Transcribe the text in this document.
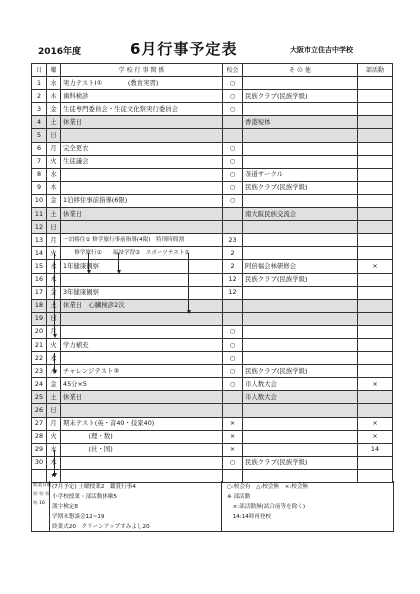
2016年度	6月行事予定表	大阪市立住吉中学校
日	曜	学 校 行 事 関 係	校会	そ の 他	部活動
1	水	実力テストⅠ①　　　　(教育実習)	○		
2	木	歯科検診	○	民族クラブ(民族学級)	
3	金	生徒専門委員会・生徒文化祭実行委員会	○		
4	土	休業日		香港短体	
5	日				
6	月	完全更衣	○		
7	火	生徒議会	○		
8	水		○	茶道サークル	
9	木		○	民族クラブ(民族学級)	
10	金	1泊移住事前指導(6限)	○		
11	土	休業日		南大阪民族交流会	
12	日				
13	月	一泊移住① 修学旅行事前指導(4限)　特別時間割	23		
14	火	　　修学旅行①　　福祉学習②　スポーツテスト②	2		
15	水	1年健康観察	2	阿倍福会林研修会	×
16	木		12	民族クラブ(民族学級)	
17	金	3年健康観察	12		
18	土	休業日　心臓検診2次			
19	日				
20	月		○		
21	火	学力補充	○		
22	水		○		
23	木	チャレンジテスト③	○	民族クラブ(民族学級)	
24	金	45分×5	○	市人数大会	×
25	土	休業日		市人数大会	
26	日				
27	月	期末テスト(英・音40・技家40)	×		×
28	火	　　　　(理・数)	×		×
29	水	　　　　(社・国)	×		14
30	木		○	民族クラブ(民族学級)	
	★				
始業日数
⑯ ⑯ ⑯
⑯ 16
(7月予定) 土曜授業2　鑑賞行事4
小学校授業・部活動体験5
漢字検定8
学期末懇談会12~19
終業式20　クリーンアップすみよし20
○:校会有　△:校会無　×:校会無
※ 部活動
　×:部活動無(試合前等を除く)
　14:14時再登校
